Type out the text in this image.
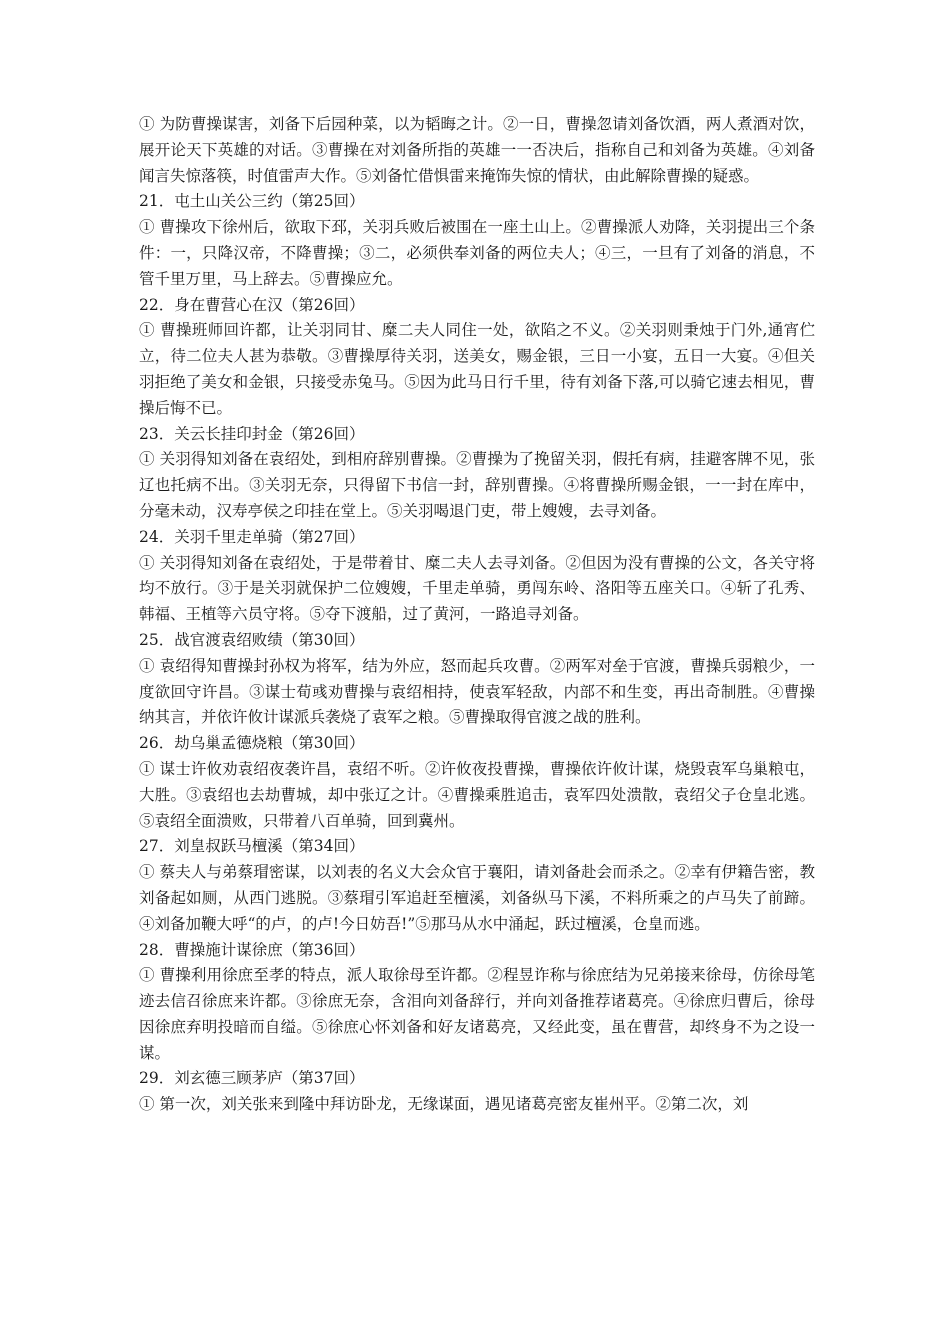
① 为防曹操谋害，刘备下后园种菜，以为韬晦之计。②一日，曹操忽请刘备饮酒，两人煮酒对饮，展开论天下英雄的对话。③曹操在对刘备所指的英雄一一否决后，指称自己和刘备为英雄。④刘备闻言失惊落筷，时值雷声大作。⑤刘备忙借惧雷来掩饰失惊的情状，由此解除曹操的疑惑。

21．屯土山关公三约（第25回）

① 曹操攻下徐州后，欲取下邳，关羽兵败后被围在一座土山上。②曹操派人劝降，关羽提出三个条件：一，只降汉帝，不降曹操；③二，必须供奉刘备的两位夫人；④三，一旦有了刘备的消息，不管千里万里，马上辞去。⑤曹操应允。

22．身在曹营心在汉（第26回）

① 曹操班师回许都，让关羽同甘、糜二夫人同住一处，欲陷之不义。②关羽则秉烛于门外,通宵伫立，待二位夫人甚为恭敬。③曹操厚待关羽，送美女，赐金银，三日一小宴，五日一大宴。④但关羽拒绝了美女和金银，只接受赤兔马。⑤因为此马日行千里，待有刘备下落,可以骑它速去相见，曹操后悔不已。

23．关云长挂印封金（第26回）

① 关羽得知刘备在袁绍处，到相府辞别曹操。②曹操为了挽留关羽，假托有病，挂避客牌不见，张辽也托病不出。③关羽无奈，只得留下书信一封，辞别曹操。④将曹操所赐金银，一一封在库中，分毫未动，汉寿亭侯之印挂在堂上。⑤关羽喝退门吏，带上嫂嫂，去寻刘备。

24．关羽千里走单骑（第27回）

① 关羽得知刘备在袁绍处，于是带着甘、糜二夫人去寻刘备。②但因为没有曹操的公文，各关守将均不放行。③于是关羽就保护二位嫂嫂，千里走单骑，勇闯东岭、洛阳等五座关口。④斩了孔秀、韩福、王植等六员守将。⑤夺下渡船，过了黄河，一路追寻刘备。

25．战官渡袁绍败绩（第30回）

① 袁绍得知曹操封孙权为将军，结为外应，怒而起兵攻曹。②两军对垒于官渡，曹操兵弱粮少，一度欲回守许昌。③谋士荀彧劝曹操与袁绍相持，使袁军轻敌，内部不和生变，再出奇制胜。④曹操纳其言，并依许攸计谋派兵袭烧了袁军之粮。⑤曹操取得官渡之战的胜利。

26．劫乌巢孟德烧粮（第30回）

① 谋士许攸劝袁绍夜袭许昌，袁绍不听。②许攸夜投曹操，曹操依许攸计谋，烧毁袁军乌巢粮屯，大胜。③袁绍也去劫曹城，却中张辽之计。④曹操乘胜追击，袁军四处溃散，袁绍父子仓皇北逃。⑤袁绍全面溃败，只带着八百单骑，回到冀州。

27．刘皇叔跃马檀溪（第34回）

① 蔡夫人与弟蔡瑁密谋，以刘表的名义大会众官于襄阳，请刘备赴会而杀之。②幸有伊籍告密，教刘备起如厕，从西门逃脱。③蔡瑁引军追赶至檀溪，刘备纵马下溪，不料所乘之的卢马失了前蹄。④刘备加鞭大呼“的卢，的卢!今日妨吾!”⑤那马从水中涌起，跃过檀溪，仓皇而逃。

28．曹操施计谋徐庶（第36回）

① 曹操利用徐庶至孝的特点，派人取徐母至许都。②程昱诈称与徐庶结为兄弟接来徐母，仿徐母笔迹去信召徐庶来许都。③徐庶无奈，含泪向刘备辞行，并向刘备推荐诸葛亮。④徐庶归曹后，徐母因徐庶弃明投暗而自缢。⑤徐庶心怀刘备和好友诸葛亮，又经此变，虽在曹营，却终身不为之设一谋。

29．刘玄德三顾茅庐（第37回）

① 第一次，刘关张来到隆中拜访卧龙，无缘谋面，遇见诸葛亮密友崔州平。②第二次，刘
